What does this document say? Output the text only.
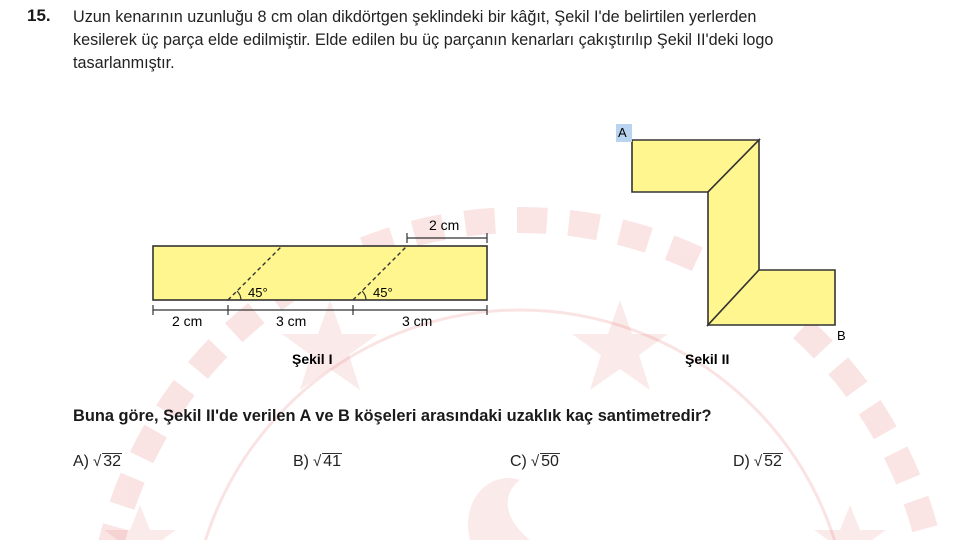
15. Uzun kenarının uzunluğu 8 cm olan dikdörtgen şeklindeki bir kâğıt, Şekil I'de belirtilen yerlerden
kesilerek üç parça elde edilmiştir. Elde edilen bu üç parçanın kenarları çakıştırılıp Şekil II'deki logo
tasarlanmıştır.
45°	45°
2 cm
2 cm	3 cm	3 cm
Şekil I
A
B
Şekil II
Buna göre, Şekil II'de verilen A ve B köşeleri arasındaki uzaklık kaç santimetredir?
A) √ 32	B) √ 41	C) √ 50	D) √ 52
